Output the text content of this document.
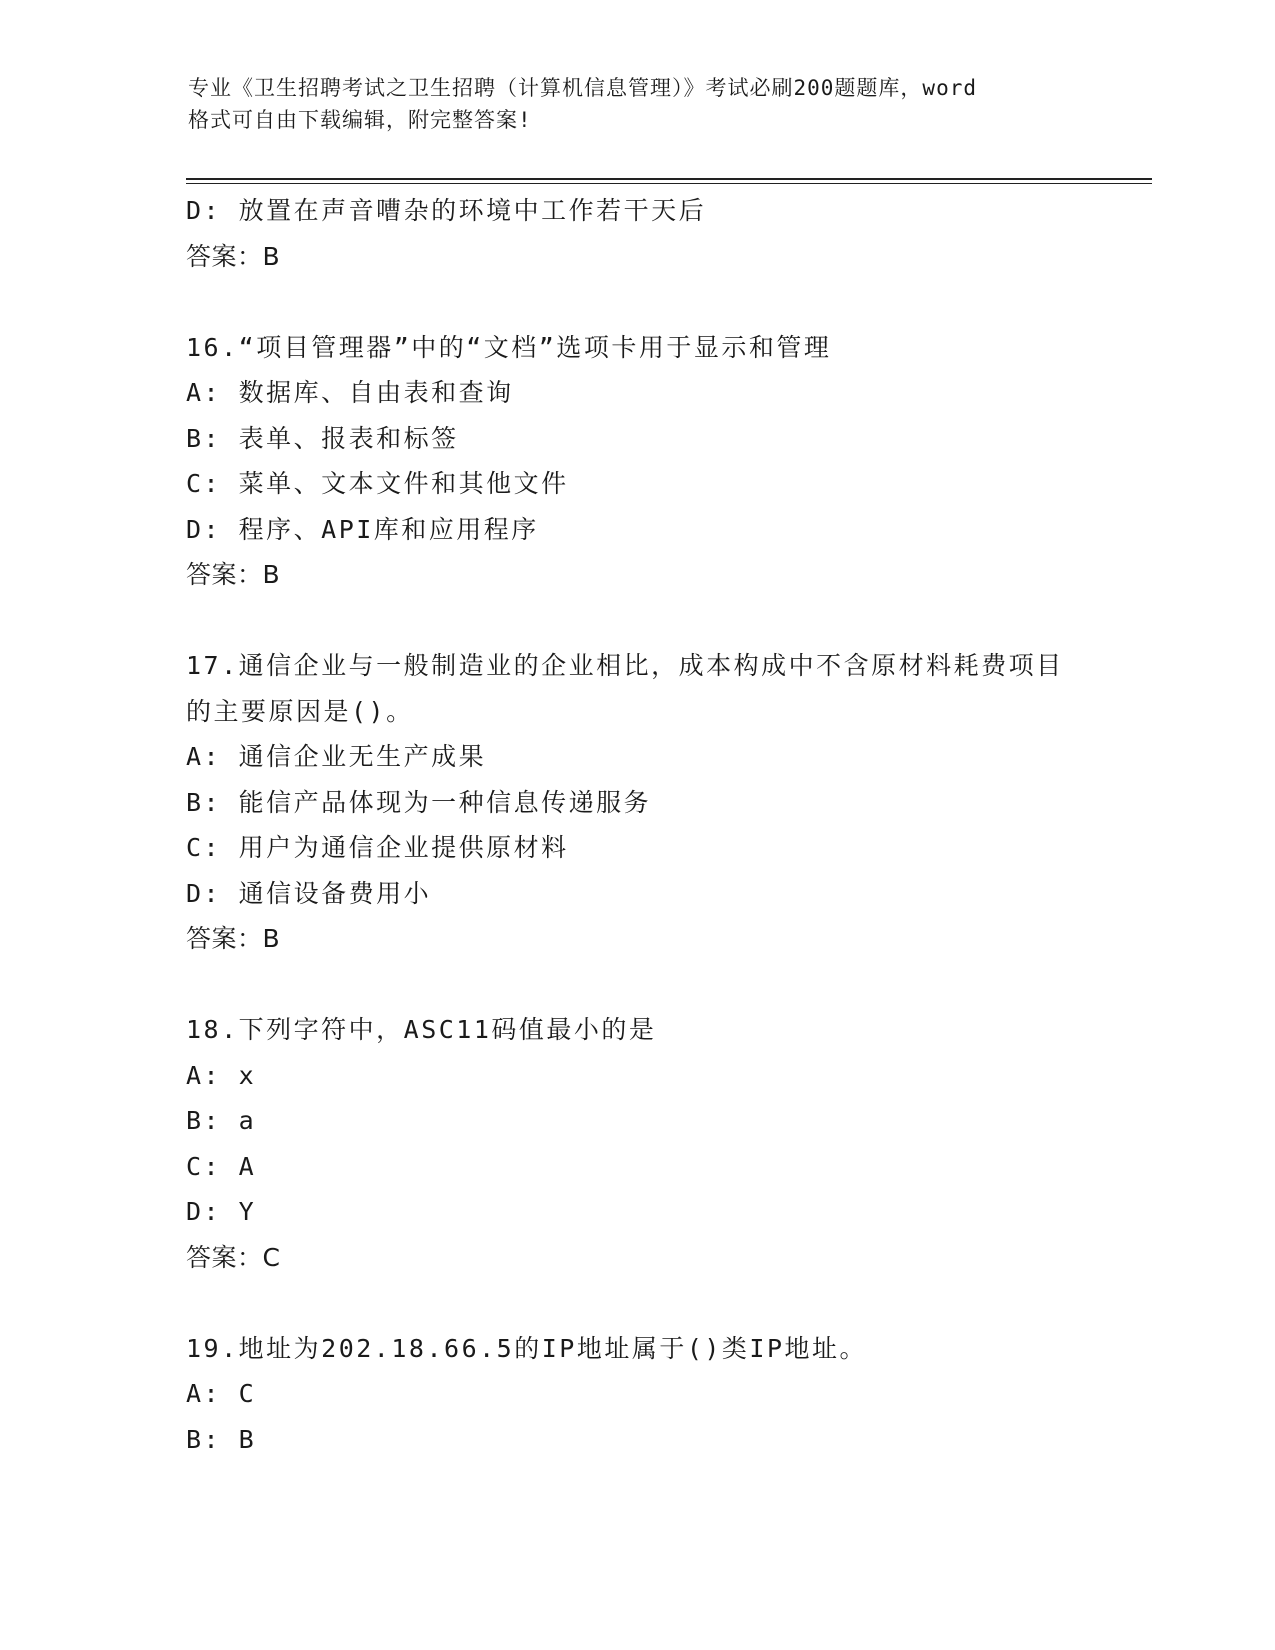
专业《卫生招聘考试之卫生招聘（计算机信息管理）》考试必刷200题题库，word
格式可自由下载编辑，附完整答案!
D: 放置在声音嘈杂的环境中工作若干天后
答案：B
16.“项目管理器”中的“文档”选项卡用于显示和管理
A: 数据库、自由表和查询
B: 表单、报表和标签
C: 菜单、文本文件和其他文件
D: 程序、API库和应用程序
答案：B
17.通信企业与一般制造业的企业相比，成本构成中不含原材料耗费项目的主要原因是()。
A: 通信企业无生产成果
B: 能信产品体现为一种信息传递服务
C: 用户为通信企业提供原材料
D: 通信设备费用小
答案：B
18.下列字符中，ASC11码值最小的是
A: x
B: a
C: A
D: Y
答案：C
19.地址为202.18.66.5的IP地址属于()类IP地址。
A: C
B: B
